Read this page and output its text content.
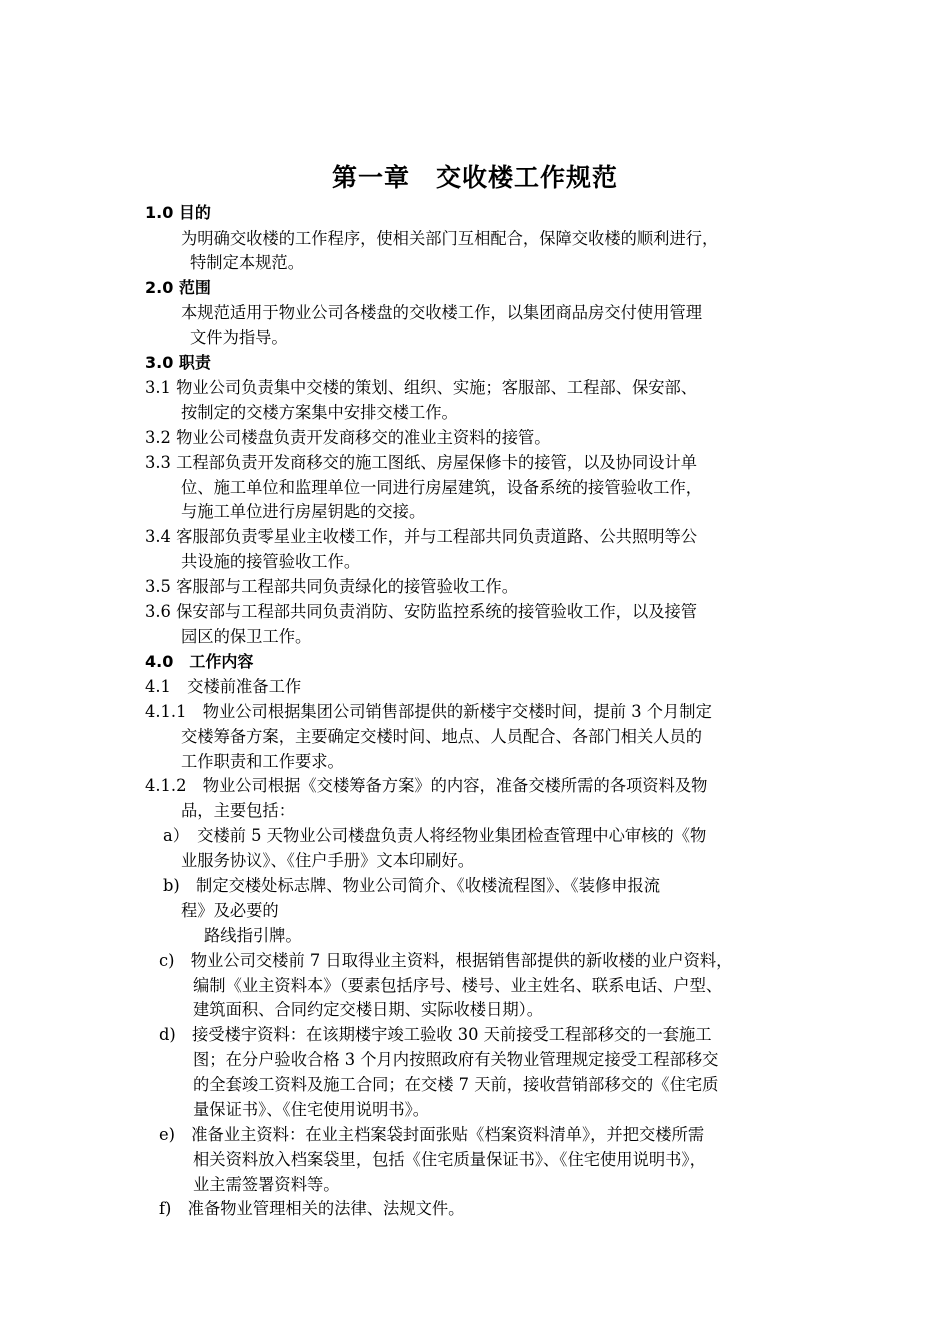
第一章　交收楼工作规范
1.0 目的
为明确交收楼的工作程序，使相关部门互相配合，保障交收楼的顺利进行，
特制定本规范。
2.0 范围
本规范适用于物业公司各楼盘的交收楼工作，以集团商品房交付使用管理
文件为指导。
3.0 职责
3.1 物业公司负责集中交楼的策划、组织、实施；客服部、工程部、保安部、
按制定的交楼方案集中安排交楼工作。
3.2 物业公司楼盘负责开发商移交的准业主资料的接管。
3.3 工程部负责开发商移交的施工图纸、房屋保修卡的接管，以及协同设计单
位、施工单位和监理单位一同进行房屋建筑，设备系统的接管验收工作，
与施工单位进行房屋钥匙的交接。
3.4 客服部负责零星业主收楼工作，并与工程部共同负责道路、公共照明等公
共设施的接管验收工作。
3.5 客服部与工程部共同负责绿化的接管验收工作。
3.6 保安部与工程部共同负责消防、安防监控系统的接管验收工作，以及接管
园区的保卫工作。
4.0　工作内容
4.1　交楼前准备工作
4.1.1　物业公司根据集团公司销售部提供的新楼宇交楼时间，提前 3 个月制定
交楼筹备方案，主要确定交楼时间、地点、人员配合、各部门相关人员的
工作职责和工作要求。
4.1.2　物业公司根据《交楼筹备方案》的内容，准备交楼所需的各项资料及物
品，主要包括：
a）　交楼前 5 天物业公司楼盘负责人将经物业集团检查管理中心审核的《物
业服务协议》、《住户手册》文本印刷好。
b)　制定交楼处标志牌、物业公司简介、《收楼流程图》、《装修申报流
程》及必要的
路线指引牌。
c)　物业公司交楼前 7 日取得业主资料，根据销售部提供的新收楼的业户资料，
编制《业主资料本》（要素包括序号、楼号、业主姓名、联系电话、户型、
建筑面积、合同约定交楼日期、实际收楼日期）。
d)　接受楼宇资料：在该期楼宇竣工验收 30 天前接受工程部移交的一套施工
图；在分户验收合格 3 个月内按照政府有关物业管理规定接受工程部移交
的全套竣工资料及施工合同；在交楼 7 天前，接收营销部移交的《住宅质
量保证书》、《住宅使用说明书》。
e)　准备业主资料：在业主档案袋封面张贴《档案资料清单》，并把交楼所需
相关资料放入档案袋里，包括《住宅质量保证书》、《住宅使用说明书》，
业主需签署资料等。
f)　准备物业管理相关的法律、法规文件。
